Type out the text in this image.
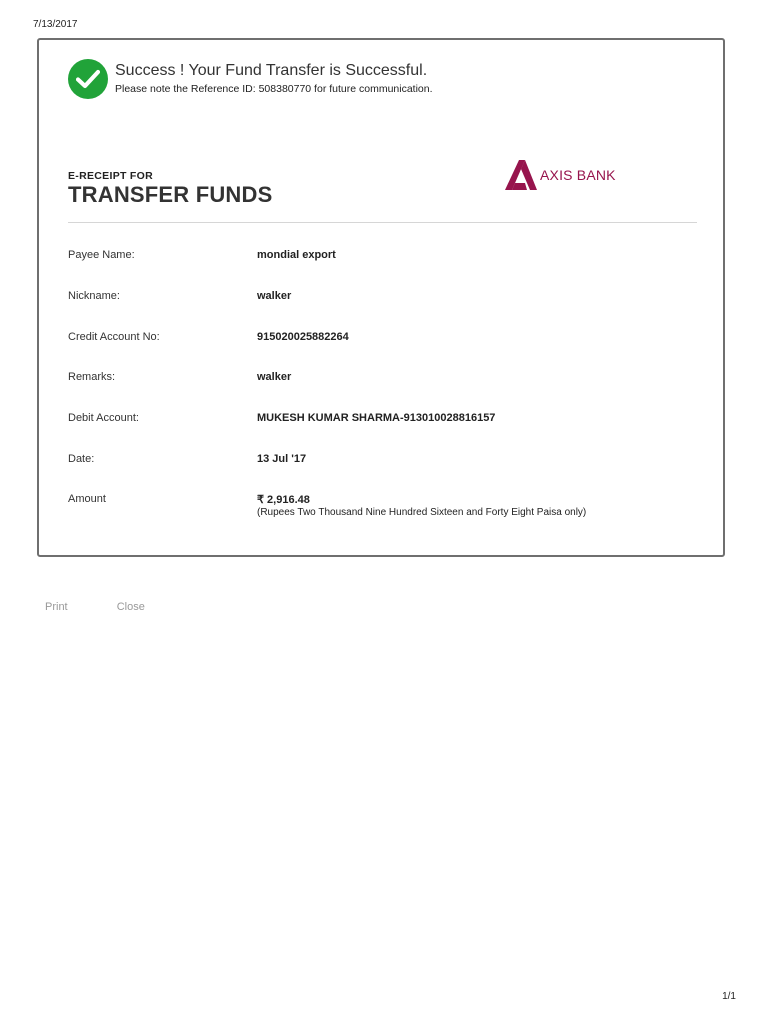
7/13/2017
Success ! Your Fund Transfer is Successful.
Please note the Reference ID: 508380770 for future communication.
E-RECEIPT FOR
TRANSFER FUNDS
AXIS BANK
Payee Name:	mondial export
Nickname:	walker
Credit Account No:	915020025882264
Remarks:	walker
Debit Account:	MUKESH KUMAR SHARMA-913010028816157
Date:	13 Jul '17
Amount	₹ 2,916.48
(Rupees Two Thousand Nine Hundred Sixteen and Forty Eight Paisa only)
Print	Close
1/1
